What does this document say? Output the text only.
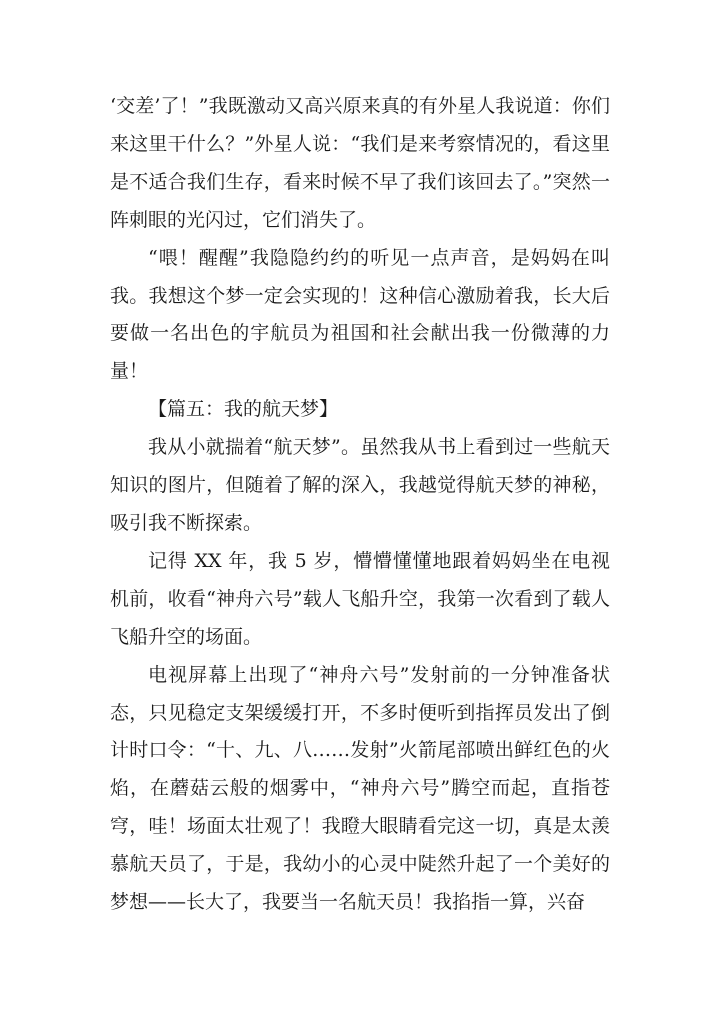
‘交差’了！”我既激动又高兴原来真的有外星人我说道：你们来这里干什么？”外星人说：“我们是来考察情况的，看这里是不适合我们生存，看来时候不早了我们该回去了。”突然一阵刺眼的光闪过，它们消失了。

“喂！醒醒”我隐隐约约的听见一点声音，是妈妈在叫我。我想这个梦一定会实现的！这种信心激励着我，长大后要做一名出色的宇航员为祖国和社会献出我一份微薄的力量！

【篇五：我的航天梦】

我从小就揣着“航天梦”。虽然我从书上看到过一些航天知识的图片，但随着了解的深入，我越觉得航天梦的神秘，吸引我不断探索。

记得 XX 年，我 5 岁，懵懵懂懂地跟着妈妈坐在电视机前，收看“神舟六号”载人飞船升空，我第一次看到了载人飞船升空的场面。

电视屏幕上出现了“神舟六号”发射前的一分钟准备状态，只见稳定支架缓缓打开，不多时便听到指挥员发出了倒计时口令：“十、九、八……发射”火箭尾部喷出鲜红色的火焰，在蘑菇云般的烟雾中，“神舟六号”腾空而起，直指苍穹，哇！场面太壮观了！我瞪大眼睛看完这一切，真是太羡慕航天员了，于是，我幼小的心灵中陡然升起了一个美好的梦想——长大了，我要当一名航天员！我掐指一算，兴奋
